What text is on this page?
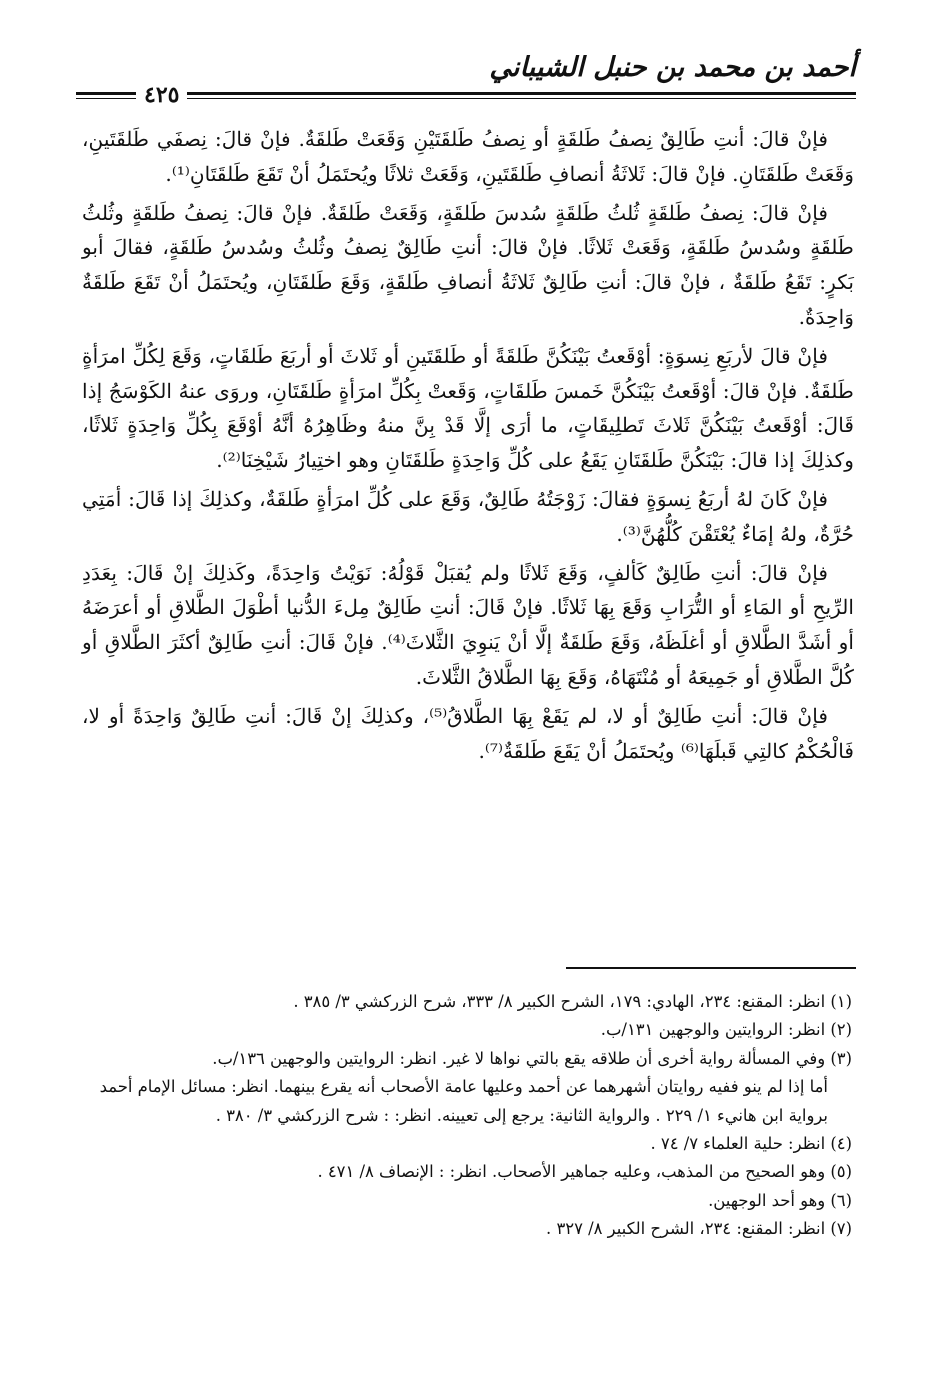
أحمد بن محمد بن حنبل الشيباني
٤٢٥

فإنْ قالَ: أنتِ طَالِقٌ نِصفُ طَلقَةٍ أو نِصفُ طَلقَتَيْنِ وَقَعَتْ طَلقَةٌ. فإنْ قالَ: نِصفَي طَلقَتَينِ، وَقَعَتْ طَلقَتَانِ. فإنْ قالَ: ثَلاثَةُ أنصافِ طَلقَتَينِ، وَقَعَتْ ثلاثًا ويُحتَمَلُ أنْ تَقَعَ طَلقَتَانِ⁽¹⁾.

فإنْ قالَ: نِصفُ طَلقَةٍ ثُلثُ طَلقَةٍ سُدسَ طَلقَةٍ، وَقَعَتْ طَلقَةٌ. فإنْ قالَ: نِصفُ طَلقَةٍ وثُلثُ طَلقَةٍ وسُدسُ طَلقَةٍ، وَقَعَتْ ثَلاثًا. فإنْ قالَ: أنتِ طَالِقٌ نِصفُ وثُلثُ وسُدسُ طَلقَةٍ، فقالَ أبو بَكرٍ: تَقَعُ طَلقَةٌ ، فإنْ قالَ: أنتِ طَالِقٌ ثَلاثَةُ أنصافِ طَلقَةٍ، وَقَعَ طَلقَتَانِ، ويُحتَمَلُ أنْ تَقَعَ طَلقَةٌ وَاحِدَةٌ.

فإنْ قالَ لأربَعِ نِسوَةٍ: أوْقَعتُ بَيْنَكُنَّ طَلقَةً أو طَلقَتَينِ أو ثَلاثَ أو أربَعَ طَلقَاتٍ، وَقَعَ لِكُلِّ امرَأةٍ طَلقَةٌ. فإنْ قالَ: أوْقَعتُ بَيْنَكُنَّ خَمسَ طَلقَاتٍ، وَقَعتْ بِكُلِّ امرَأةٍ طَلقَتَانِ، وروَى عنهُ الكَوْسَجُ إذا قَالَ: أوْقَعتُ بَيْنَكُنَّ ثَلاثَ تَطلِيقَاتٍ، ما أرَى إلَّا قَدْ بِنَّ منهُ وظَاهِرُهُ أنَّهُ أوْقَعَ بِكُلِّ وَاحِدَةٍ ثَلاثًا، وكذلِكَ إذا قالَ: بَيْنَكُنَّ طَلقَتَانِ يَقَعُ على كُلِّ وَاحِدَةٍ طَلقَتَانِ وهو اختِيارُ شَيْخِنَا⁽²⁾.

فإنْ كَانَ لهُ أربَعُ نِسوَةٍ فقالَ: زَوْجَتُهُ طَالِقٌ، وَقَعَ على كُلِّ امرَأةٍ طَلقَةٌ، وكذلِكَ إذا قَالَ: أمَتِي حُرَّةٌ، ولهُ إمَاءٌ يُعْتَقْنَ كُلُّهُنَّ⁽³⁾.

فإنْ قالَ: أنتِ طَالِقٌ كَألفٍ، وَقَعَ ثَلاثًا ولم يُقبَلْ قَوْلُهُ: نَوَيْتُ وَاحِدَةً، وكَذلِكَ إنْ قَالَ: بِعَدَدِ الرِّيحِ أو المَاءِ أو التُّرَابِ وَقَعَ بِهَا ثَلاثًا. فإنْ قَالَ: أنتِ طَالِقٌ مِلءَ الدُّنيا أطْوَلَ الطَّلاقِ أو أعرَضَهُ أو أشَدَّ الطَّلاقِ أو أغلَظَهُ، وَقَعَ طَلقَةٌ إلَّا أنْ يَنوِيَ الثَّلاثَ⁽⁴⁾. فإنْ قَالَ: أنتِ طَالِقٌ أكثَرَ الطَّلاقِ أو كُلَّ الطَّلاقِ أو جَمِيعَهُ أو مُنْتَهَاهُ، وَقَعَ بِهَا الطَّلاقُ الثَّلاثَ.

فإنْ قالَ: أنتِ طَالِقٌ أو لا، لم يَقَعْ بِهَا الطَّلاقُ⁽⁵⁾، وكذلِكَ إنْ قَالَ: أنتِ طَالِقٌ وَاحِدَةً أو لا، فَالْحُكْمُ كالتِي قَبلَهَا⁽⁶⁾ ويُحتَمَلُ أنْ يَقَعَ طَلقَةٌ⁽⁷⁾.

(١) انظر: المقنع: ٢٣٤، الهادي: ١٧٩، الشرح الكبير ٨/ ٣٣٣، شرح الزركشي ٣/ ٣٨٥ .

(٢) انظر: الروايتين والوجهين ١٣١/ب.

(٣) وفي المسألة رواية أخرى أن طلاقه يقع بالتي نواها لا غير. انظر: الروايتين والوجهين ١٣٦/ب.

أما إذا لم ينو ففيه روايتان أشهرهما عن أحمد وعليها عامة الأصحاب أنه يقرع بينهما. انظر: مسائل الإمام أحمد برواية ابن هانيء ١/ ٢٢٩ . والرواية الثانية: يرجع إلى تعيينه. انظر: : شرح الزركشي ٣/ ٣٨٠ .

(٤) انظر: حلية العلماء ٧/ ٧٤ .

(٥) وهو الصحيح من المذهب، وعليه جماهير الأصحاب. انظر: : الإنصاف ٨/ ٤٧١ .

(٦) وهو أحد الوجهين.

(٧) انظر: المقنع: ٢٣٤، الشرح الكبير ٨/ ٣٢٧ .
